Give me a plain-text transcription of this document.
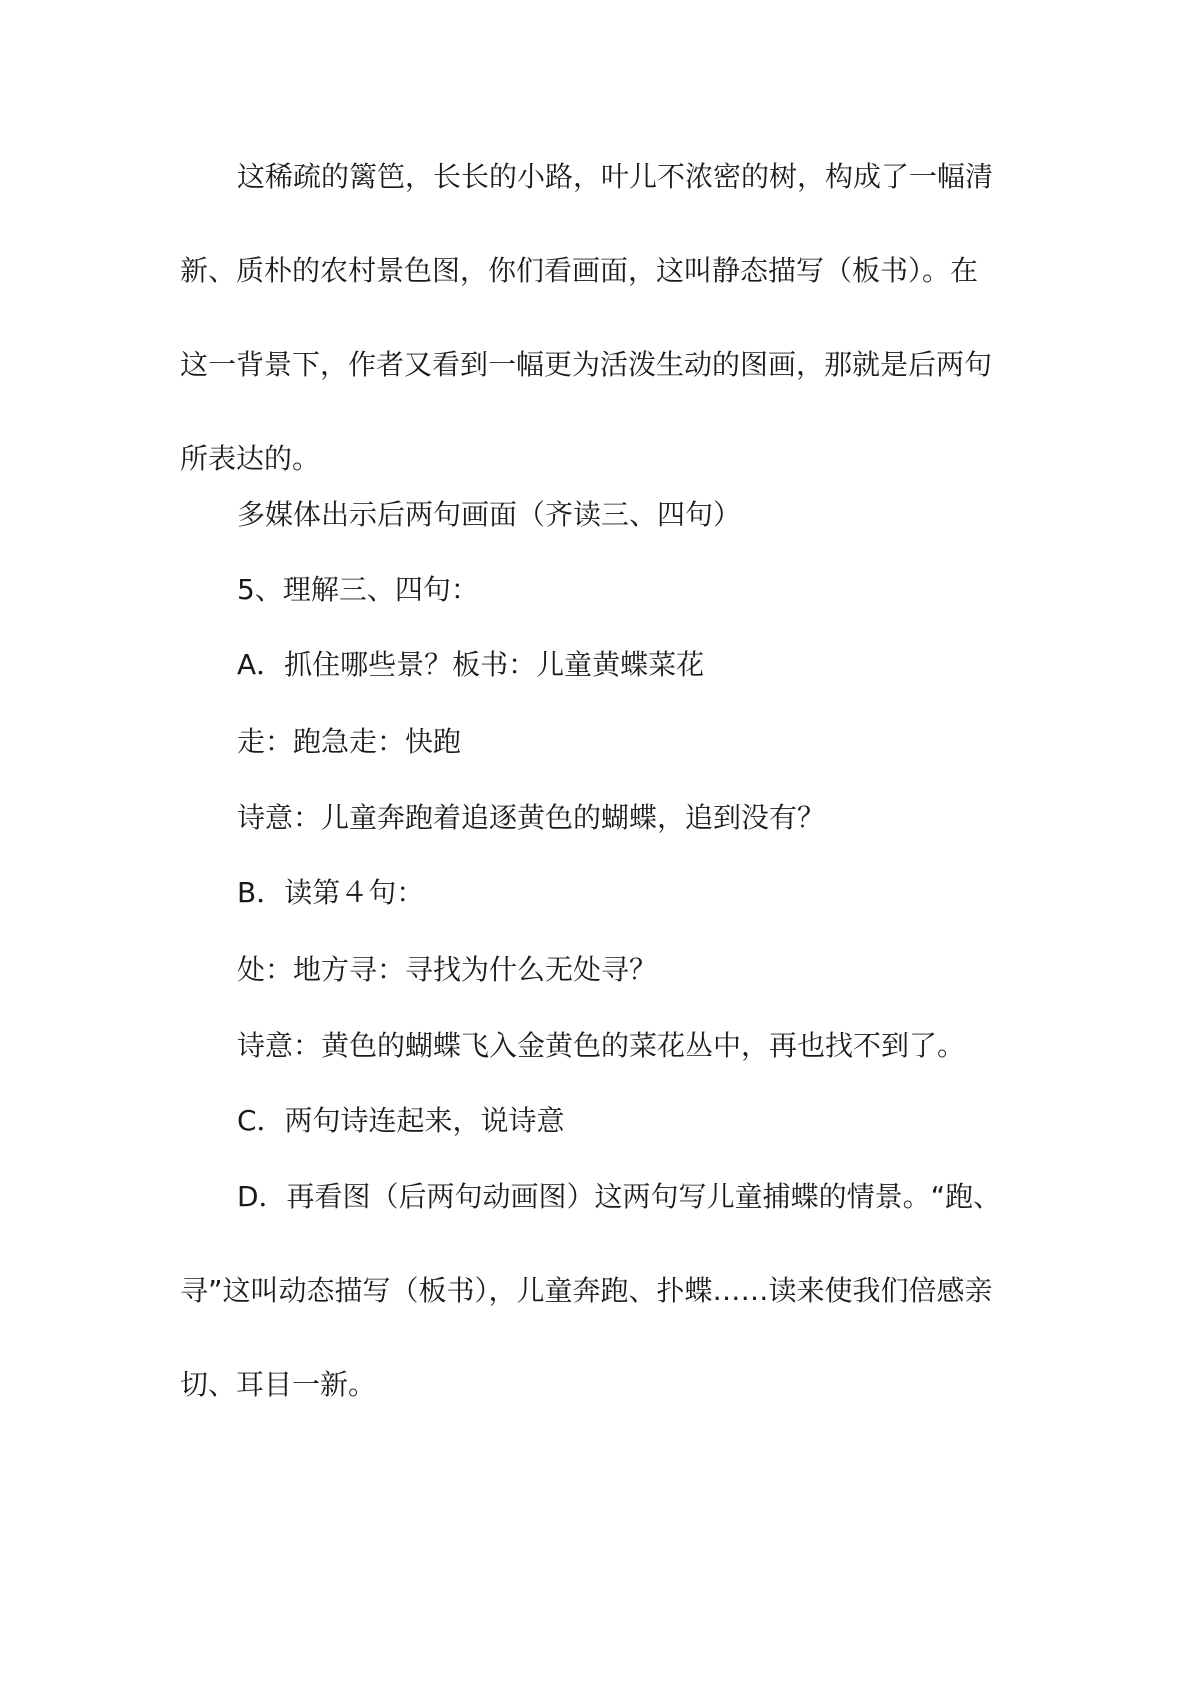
这稀疏的篱笆，长长的小路，叶儿不浓密的树，构成了一幅清
新、质朴的农村景色图，你们看画面，这叫静态描写（板书）。在
这一背景下，作者又看到一幅更为活泼生动的图画，那就是后两句
所表达的。

多媒体出示后两句画面（齐读三、四句）

5、理解三、四句：

A．抓住哪些景？板书：儿童黄蝶菜花

走：跑急走：快跑

诗意：儿童奔跑着追逐黄色的蝴蝶，追到没有？

B．读第４句：

处：地方寻：寻找为什么无处寻？

诗意：黄色的蝴蝶飞入金黄色的菜花丛中，再也找不到了。

C．两句诗连起来，说诗意

D．再看图（后两句动画图）这两句写儿童捕蝶的情景。“跑、
寻”这叫动态描写（板书），儿童奔跑、扑蝶……读来使我们倍感亲
切、耳目一新。
